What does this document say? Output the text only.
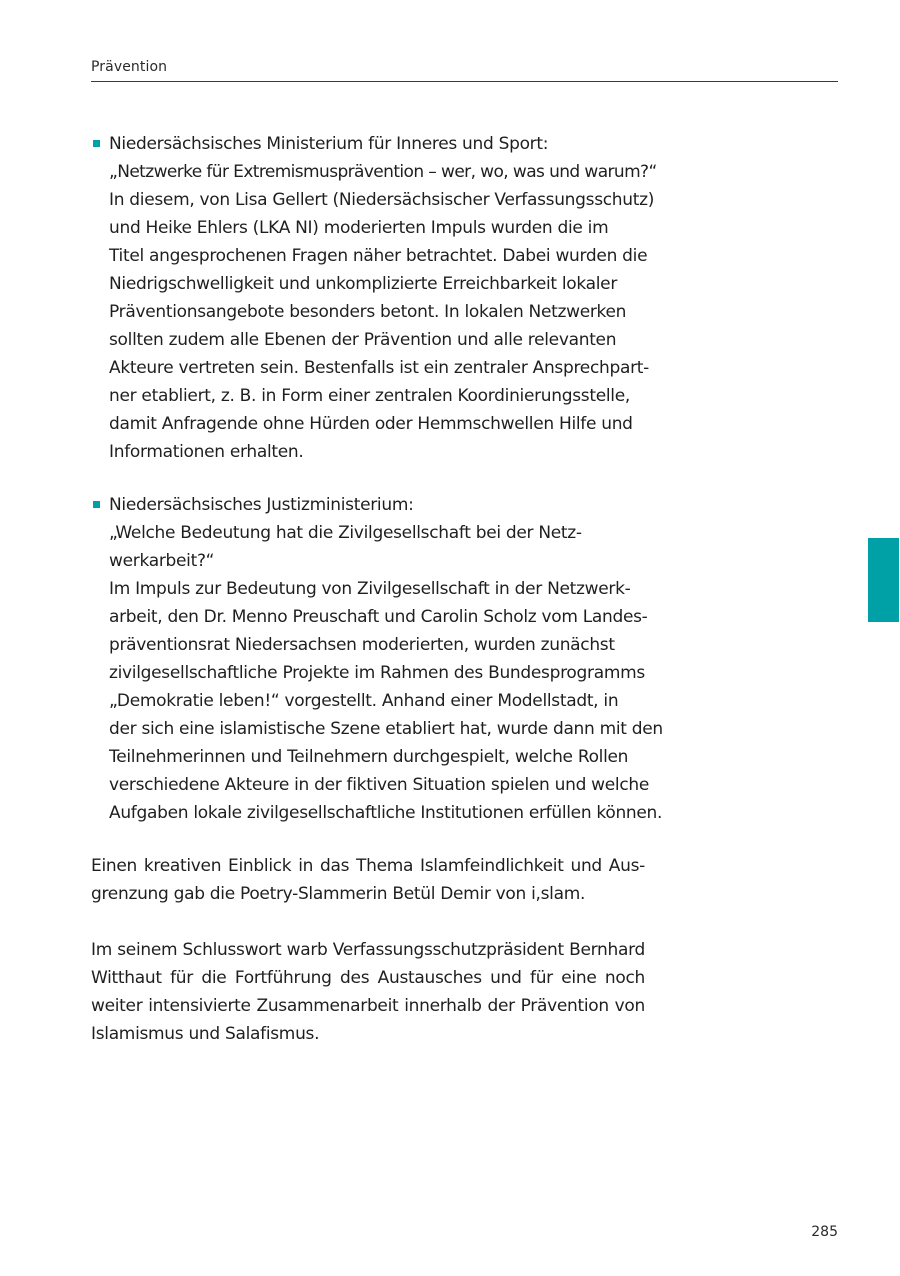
Prävention
Niedersächsisches Ministerium für Inneres und Sport:
„Netzwerke für Extremismusprävention – wer, wo, was und warum?“
In diesem, von Lisa Gellert (Niedersächsischer Verfassungsschutz)
und Heike Ehlers (LKA NI) moderierten Impuls wurden die im
Titel angesprochenen Fragen näher betrachtet. Dabei wurden die
Niedrigschwelligkeit und unkomplizierte Erreichbarkeit lokaler
Präventionsangebote besonders betont. In lokalen Netzwerken
sollten zudem alle Ebenen der Prävention und alle relevanten
Akteure vertreten sein. Bestenfalls ist ein zentraler Ansprechpart-
ner etabliert, z. B. in Form einer zentralen Koordinierungsstelle,
damit Anfragende ohne Hürden oder Hemmschwellen Hilfe und
Informationen erhalten.
Niedersächsisches Justizministerium:
„Welche Bedeutung hat die Zivilgesellschaft bei der Netz-
werkarbeit?“
Im Impuls zur Bedeutung von Zivilgesellschaft in der Netzwerk-
arbeit, den Dr. Menno Preuschaft und Carolin Scholz vom Landes-
präventionsrat Niedersachsen moderierten, wurden zunächst
zivilgesellschaftliche Projekte im Rahmen des Bundesprogramms
„Demokratie leben!“ vorgestellt. Anhand einer Modellstadt, in
der sich eine islamistische Szene etabliert hat, wurde dann mit den
Teilnehmerinnen und Teilnehmern durchgespielt, welche Rollen
verschiedene Akteure in der fiktiven Situation spielen und welche
Aufgaben lokale zivilgesellschaftliche Institutionen erfüllen können.
Einen kreativen Einblick in das Thema Islamfeindlichkeit und Aus-
grenzung gab die Poetry-Slammerin Betül Demir von i,slam.
Im seinem Schlusswort warb Verfassungsschutzpräsident Bernhard
Witthaut für die Fortführung des Austausches und für eine noch
weiter intensivierte Zusammenarbeit innerhalb der Prävention von
Islamismus und Salafismus.
285
